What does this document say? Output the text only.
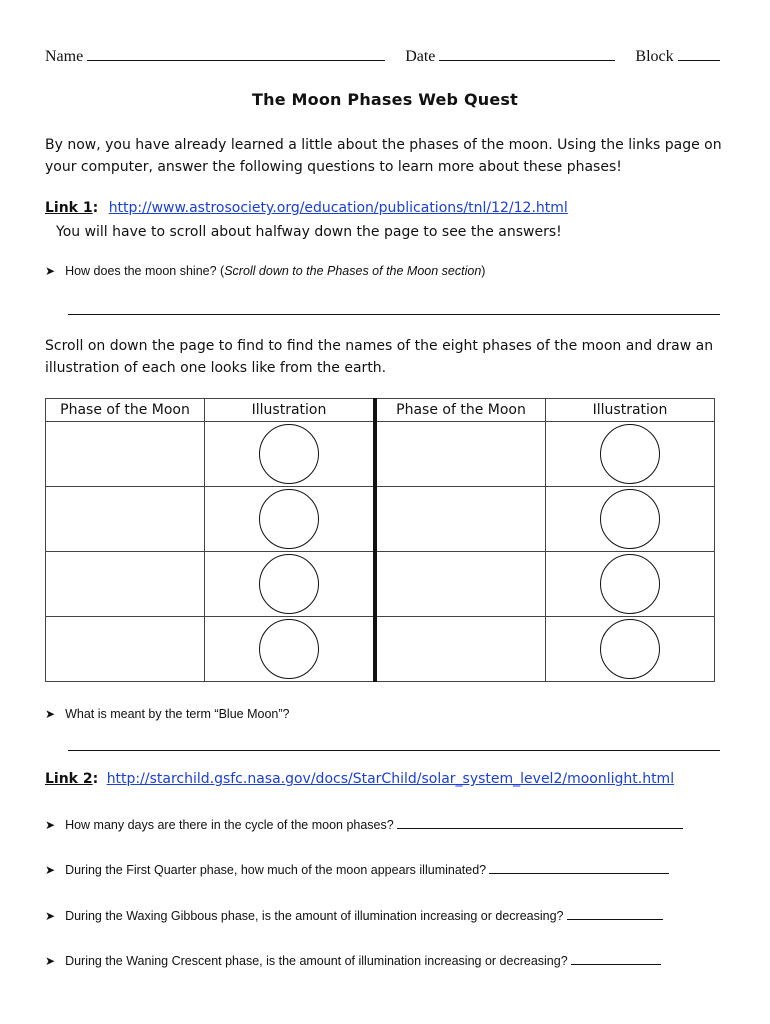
Name	Date	Block
The Moon Phases Web Quest
By now, you have already learned a little about the phases of the moon. Using the links page on your computer, answer the following questions to learn more about these phases!
Link 1: http://www.astrosociety.org/education/publications/tnl/12/12.html
You will have to scroll about halfway down the page to see the answers!
➤ How does the moon shine? (Scroll down to the Phases of the Moon section)
Scroll on down the page to find to find the names of the eight phases of the moon and draw an illustration of each one looks like from the earth.
Phase of the Moon	Illustration	Phase of the Moon	Illustration

➤ What is meant by the term “Blue Moon”?
Link 2: http://starchild.gsfc.nasa.gov/docs/StarChild/solar_system_level2/moonlight.html
➤ How many days are there in the cycle of the moon phases?
➤ During the First Quarter phase, how much of the moon appears illuminated?
➤ During the Waxing Gibbous phase, is the amount of illumination increasing or decreasing?
➤ During the Waning Crescent phase, is the amount of illumination increasing or decreasing?
